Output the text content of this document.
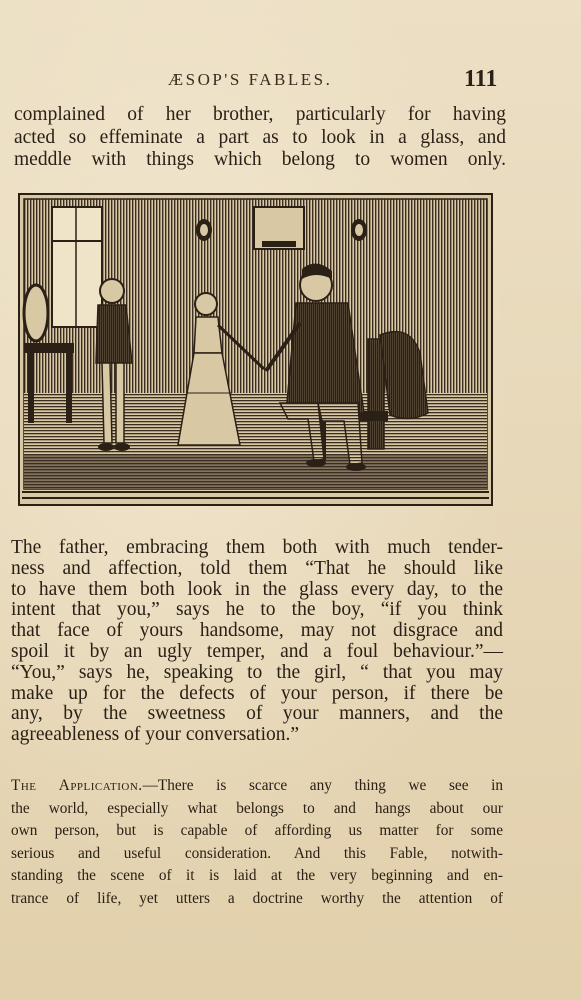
ÆSOP'S FABLES.	111

complained of her brother, particularly for having
acted so effeminate a part as to look in a glass, and
meddle with things which belong to women only.

The father, embracing them both with much tender-
ness and affection, told them “That he should like
to have them both look in the glass every day, to the
intent that you,” says he to the boy, “if you think
that face of yours handsome, may not disgrace and
spoil it by an ugly temper, and a foul behaviour.”—
“You,” says he, speaking to the girl, “ that you may
make up for the defects of your person, if there be
any, by the sweetness of your manners, and the
agreeableness of your conversation.”

The Application.—There is scarce any thing we see in
the world, especially what belongs to and hangs about our
own person, but is capable of affording us matter for some
serious and useful consideration. And this Fable, notwith-
standing the scene of it is laid at the very beginning and en-
trance of life, yet utters a doctrine worthy the attention of
